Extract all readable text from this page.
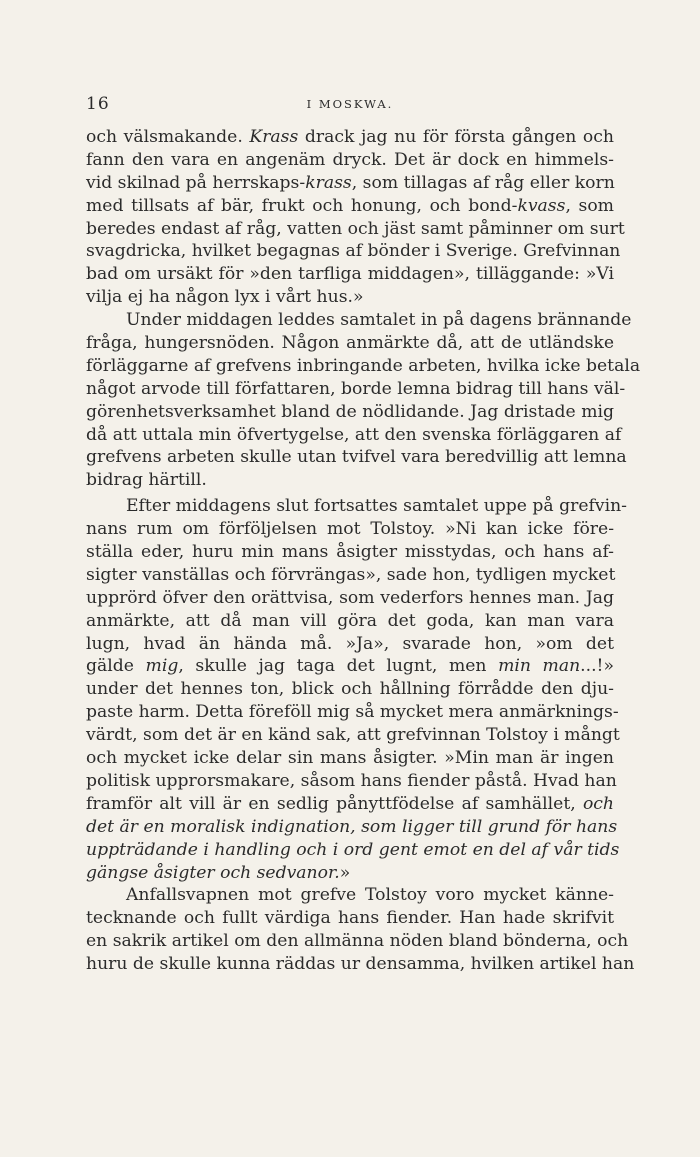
16	I MOSKWA.
och välsmakande. Krass drack jag nu för första gången och
fann den vara en angenäm dryck. Det är dock en himmels-
vid skilnad på herrskaps-krass, som tillagas af råg eller korn
med tillsats af bär, frukt och honung, och bond-kvass, som
beredes endast af råg, vatten och jäst samt påminner om surt
svagdricka, hvilket begagnas af bönder i Sverige. Grefvinnan
bad om ursäkt för »den tarfliga middagen», tilläggande: »Vi
vilja ej ha någon lyx i vårt hus.»
Under middagen leddes samtalet in på dagens brännande
fråga, hungersnöden. Någon anmärkte då, att de utländske
förläggarne af grefvens inbringande arbeten, hvilka icke betala
något arvode till författaren, borde lemna bidrag till hans väl-
görenhetsverksamhet bland de nödlidande. Jag dristade mig
då att uttala min öfvertygelse, att den svenska förläggaren af
grefvens arbeten skulle utan tvifvel vara beredvillig att lemna
bidrag härtill.
Efter middagens slut fortsattes samtalet uppe på grefvin-
nans rum om förföljelsen mot Tolstoy. »Ni kan icke före-
ställa eder, huru min mans åsigter misstydas, och hans af-
sigter vanställas och förvrängas», sade hon, tydligen mycket
upprörd öfver den orättvisa, som vederfors hennes man. Jag
anmärkte, att då man vill göra det goda, kan man vara
lugn, hvad än hända må. »Ja», svarade hon, »om det
gälde mig, skulle jag taga det lugnt, men min man...!»
under det hennes ton, blick och hållning förrådde den dju-
paste harm. Detta föreföll mig så mycket mera anmärknings-
värdt, som det är en känd sak, att grefvinnan Tolstoy i mångt
och mycket icke delar sin mans åsigter. »Min man är ingen
politisk upprorsmakare, såsom hans fiender påstå. Hvad han
framför alt vill är en sedlig pånyttfödelse af samhället, och
det är en moralisk indignation, som ligger till grund för hans
uppträdande i handling och i ord gent emot en del af vår tids
gängse åsigter och sedvanor.»
Anfallsvapnen mot grefve Tolstoy voro mycket känne-
tecknande och fullt värdiga hans fiender. Han hade skrifvit
en sakrik artikel om den allmänna nöden bland bönderna, och
huru de skulle kunna räddas ur densamma, hvilken artikel han
